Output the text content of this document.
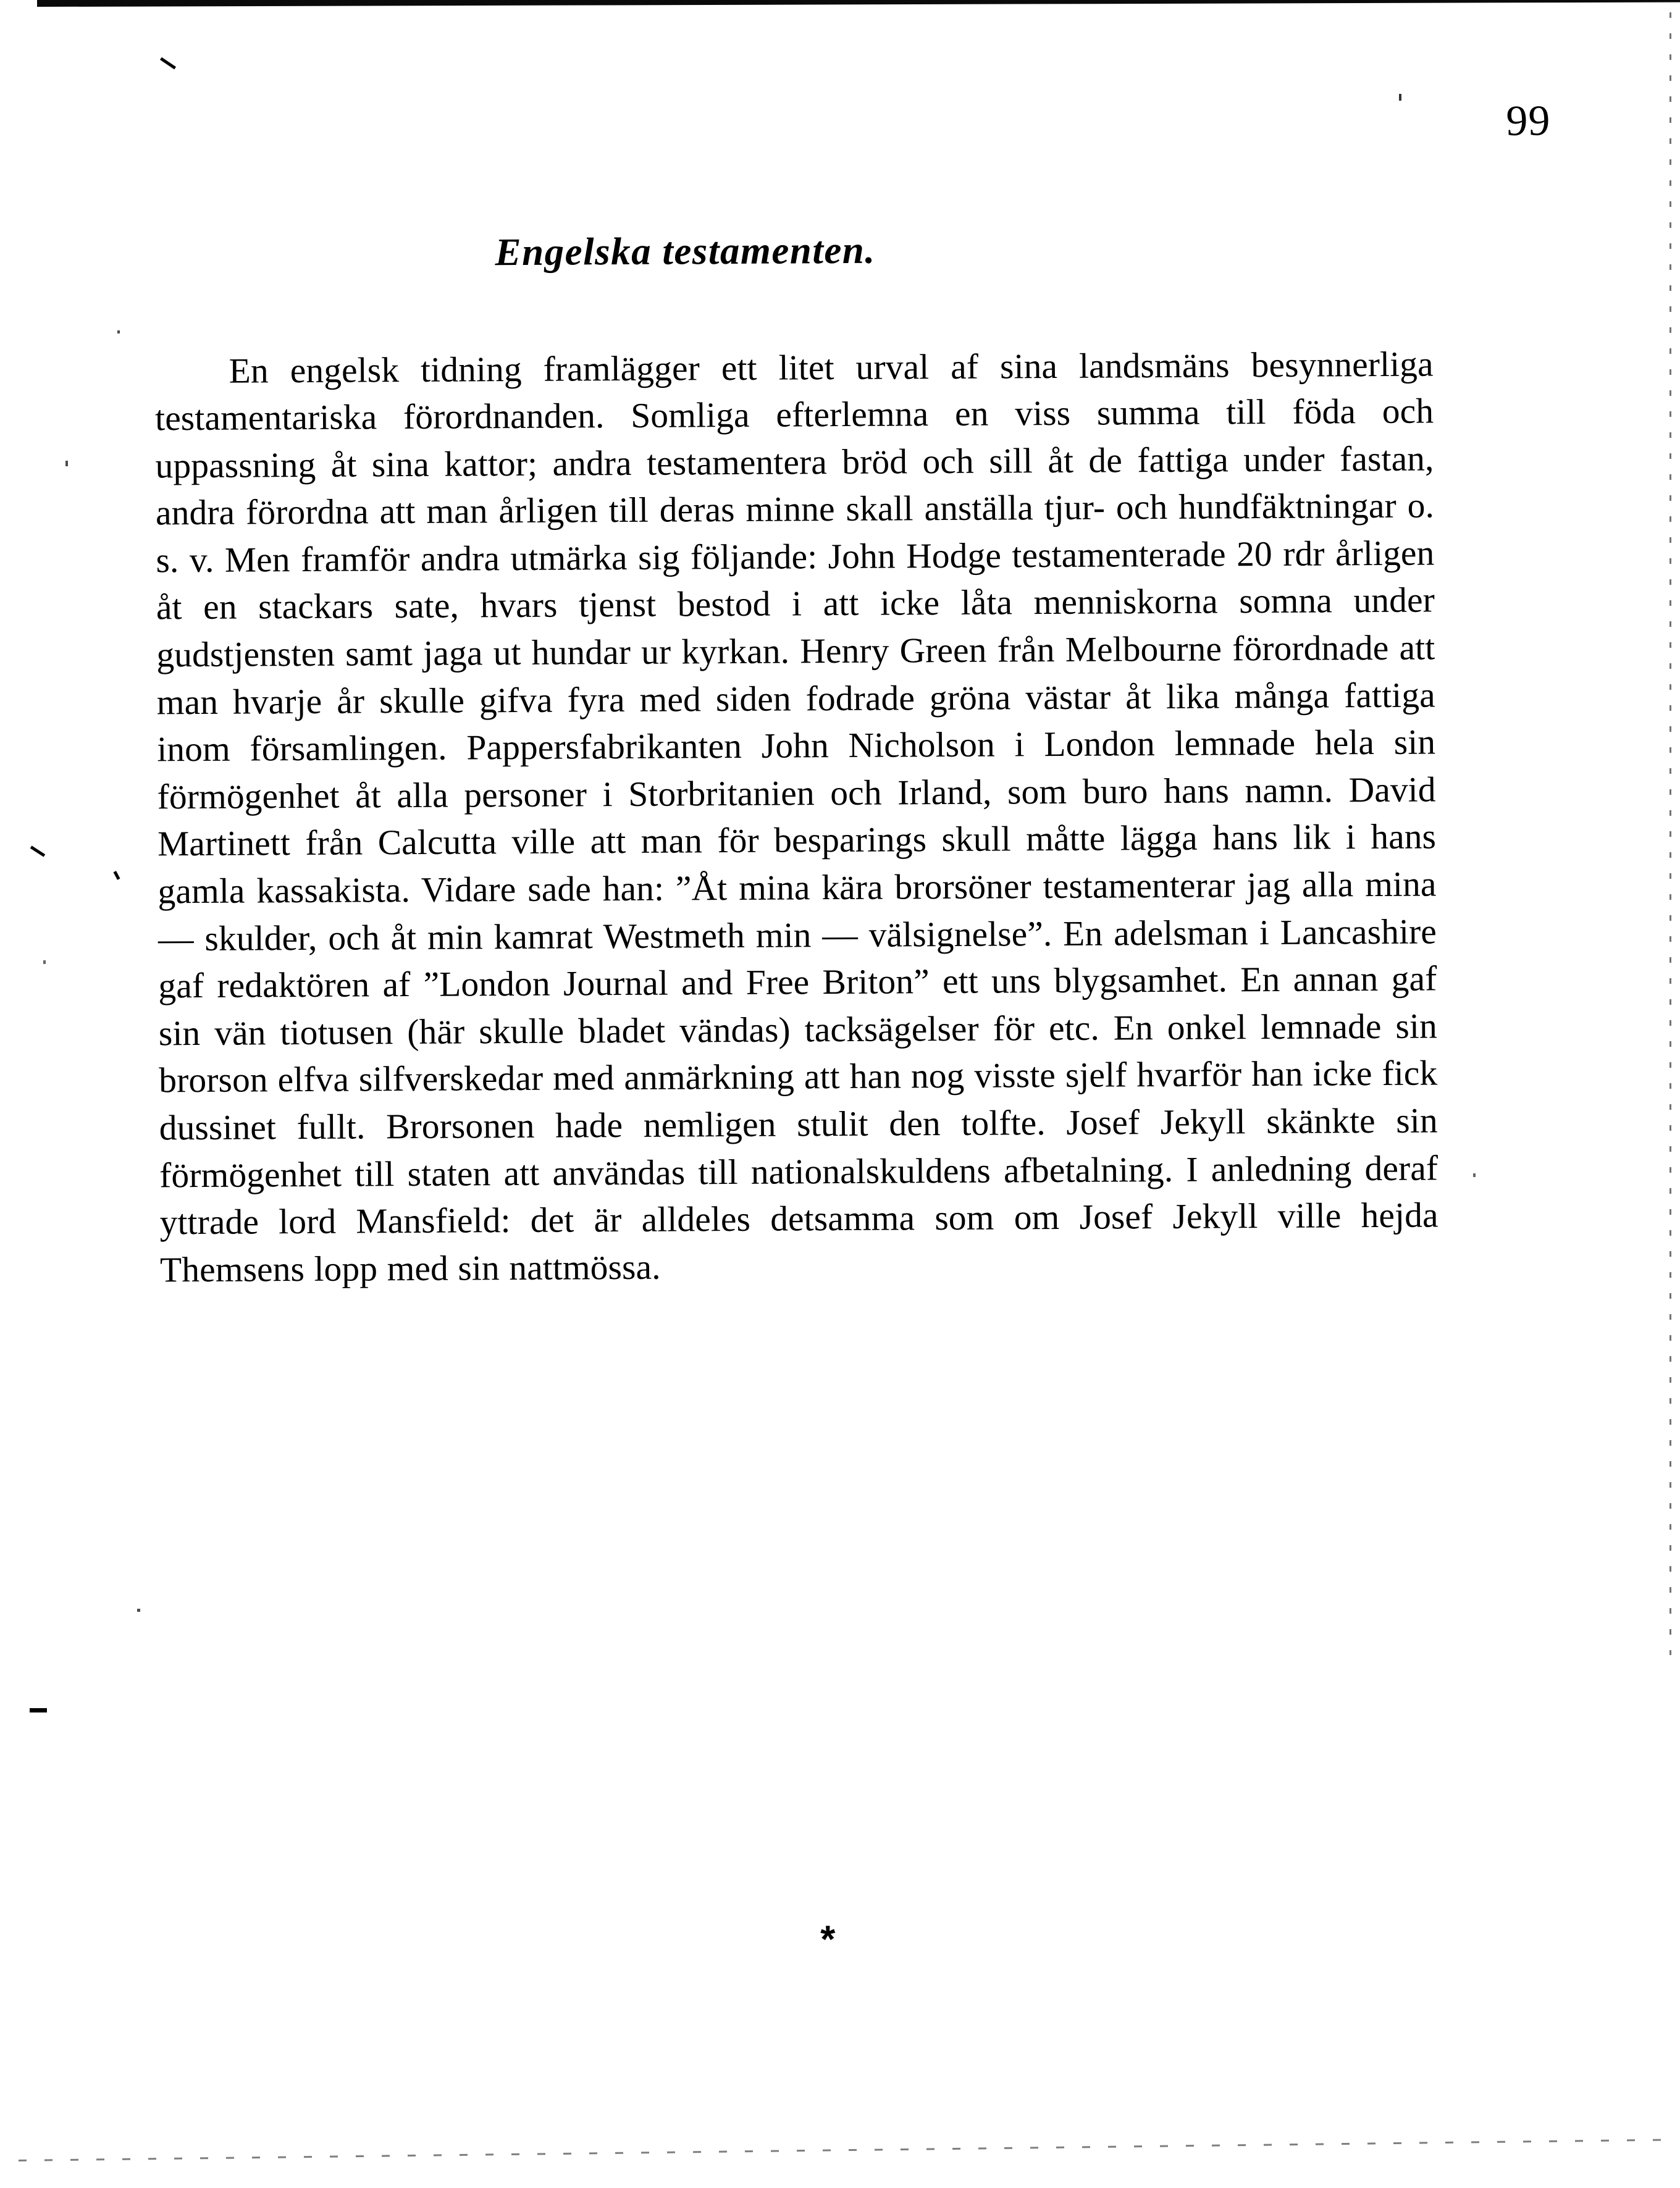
99
Engelska testamenten.

En engelsk tidning framlägger ett litet urval af sina landsmäns besynnerliga testamentariska förordnanden. Somliga efterlemna en viss summa till föda och uppassning åt sina kattor; andra testamentera bröd och sill åt de fattiga under fastan, andra förordna att man årligen till deras minne skall anställa tjur- och hundfäktningar o. s. v. Men framför andra utmärka sig följande: John Hodge testamenterade 20 rdr årligen åt en stackars sate, hvars tjenst bestod i att icke låta menniskorna somna under gudstjensten samt jaga ut hundar ur kyrkan. Henry Green från Melbourne förordnade att man hvarje år skulle gifva fyra med siden fodrade gröna västar åt lika många fattiga inom församlingen. Pappersfabrikanten John Nicholson i London lemnade hela sin förmögenhet åt alla personer i Storbritanien och Irland, som buro hans namn. David Martinett från Calcutta ville att man för besparings skull måtte lägga hans lik i hans gamla kassakista. Vidare sade han: ”Åt mina kära brorsöner testamenterar jag alla mina — skulder, och åt min kamrat Westmeth min — välsignelse”. En adelsman i Lancashire gaf redaktören af ”London Journal and Free Briton” ett uns blygsamhet. En annan gaf sin vän tiotusen (här skulle bladet vändas) tacksägelser för etc. En onkel lemnade sin brorson elfva silfverskedar med anmärkning att han nog visste sjelf hvarför han icke fick dussinet fullt. Brorsonen hade nemligen stulit den tolfte. Josef Jekyll skänkte sin förmögenhet till staten att användas till nationalskuldens afbetalning. I anledning deraf yttrade lord Mansfield: det är alldeles detsamma som om Josef Jekyll ville hejda Themsens lopp med sin nattmössa.

*
